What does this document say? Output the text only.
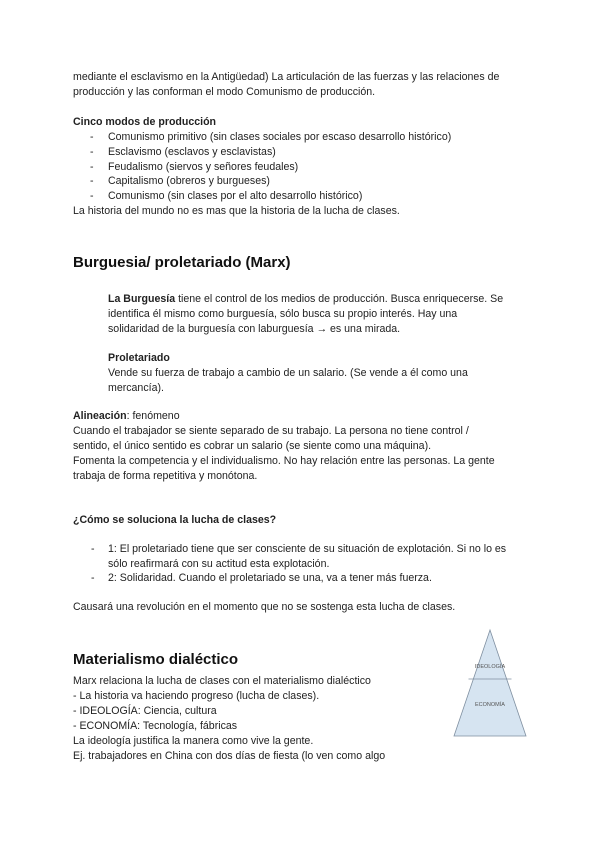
mediante el esclavismo en la Antigüedad) La articulación de las fuerzas y las relaciones de
producción y las conforman el modo Comunismo de producción.
Cinco modos de producción
- Comunismo primitivo (sin clases sociales por escaso desarrollo histórico)
- Esclavismo (esclavos y esclavistas)
- Feudalismo (siervos y señores feudales)
- Capitalismo (obreros y burgueses)
- Comunismo (sin clases por el alto desarrollo histórico)
La historia del mundo no es mas que la historia de la lucha de clases.
Burguesia/ proletariado (Marx)
La Burguesía tiene el control de los medios de producción. Busca enriquecerse. Se
identifica él mismo como burguesía, sólo busca su propio interés. Hay una
solidaridad de la burguesía con laburguesía → es una mirada.
Proletariado
Vende su fuerza de trabajo a cambio de un salario. (Se vende a él como una
mercancía).
Alineación: fenómeno
Cuando el trabajador se siente separado de su trabajo. La persona no tiene control /
sentido, el único sentido es cobrar un salario (se siente como una máquina).
Fomenta la competencia y el individualismo. No hay relación entre las personas. La gente
trabaja de forma repetitiva y monótona.
¿Cómo se soluciona la lucha de clases?
- 1: El proletariado tiene que ser consciente de su situación de explotación. Si no lo es
sólo reafirmará con su actitud esta explotación.
- 2: Solidaridad. Cuando el proletariado se una, va a tener más fuerza.
Causará una revolución en el momento que no se sostenga esta lucha de clases.
Materialismo dialéctico
Marx relaciona la lucha de clases con el materialismo dialéctico
- La historia va haciendo progreso (lucha de clases).
- IDEOLOGÍA: Ciencia, cultura
- ECONOMÍA: Tecnología, fábricas
La ideología justifica la manera como vive la gente.
Ej. trabajadores en China con dos días de fiesta (lo ven como algo
IDEOLOGÍA
ECONOMÍA
